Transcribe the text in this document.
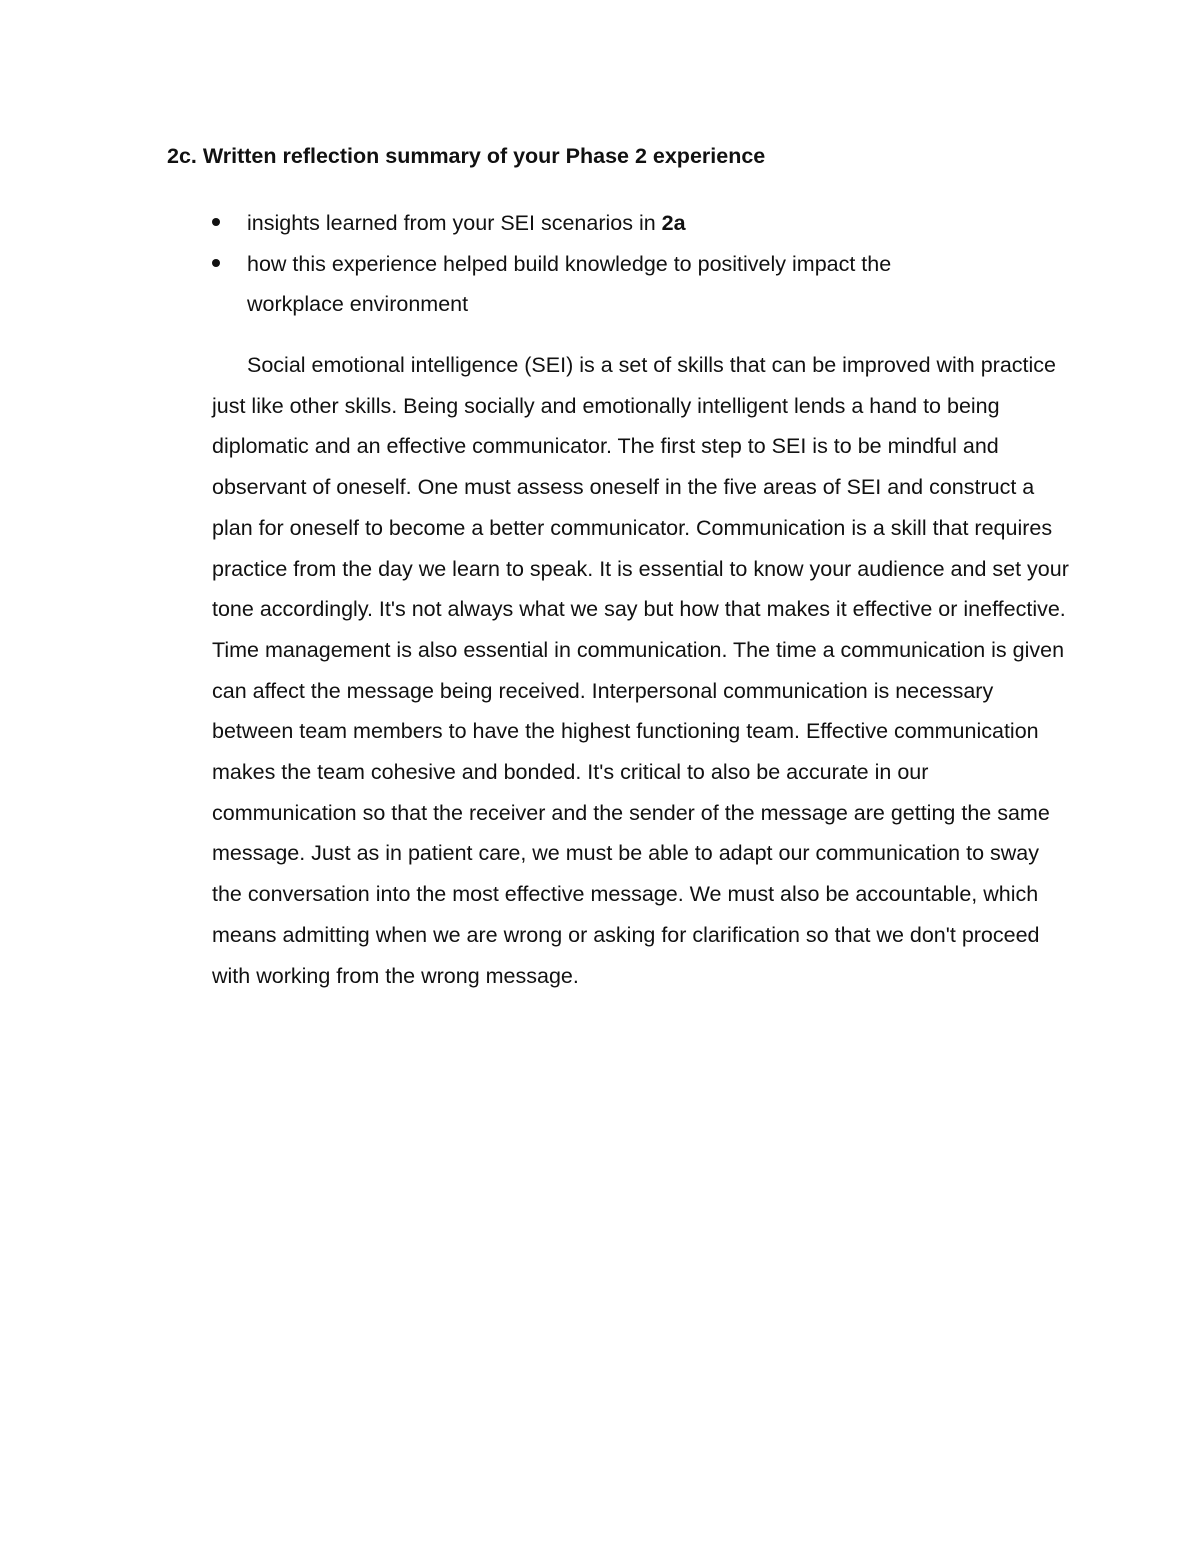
2c. Written reflection summary of your Phase 2 experience
insights learned from your SEI scenarios in 2a
how this experience helped build knowledge to positively impact the workplace environment

Social emotional intelligence (SEI) is a set of skills that can be improved with practice just like other skills. Being socially and emotionally intelligent lends a hand to being diplomatic and an effective communicator. The first step to SEI is to be mindful and observant of oneself. One must assess oneself in the five areas of SEI and construct a plan for oneself to become a better communicator. Communication is a skill that requires practice from the day we learn to speak. It is essential to know your audience and set your tone accordingly. It's not always what we say but how that makes it effective or ineffective. Time management is also essential in communication. The time a communication is given can affect the message being received. Interpersonal communication is necessary between team members to have the highest functioning team. Effective communication makes the team cohesive and bonded. It's critical to also be accurate in our communication so that the receiver and the sender of the message are getting the same message. Just as in patient care, we must be able to adapt our communication to sway the conversation into the most effective message. We must also be accountable, which means admitting when we are wrong or asking for clarification so that we don't proceed with working from the wrong message.
